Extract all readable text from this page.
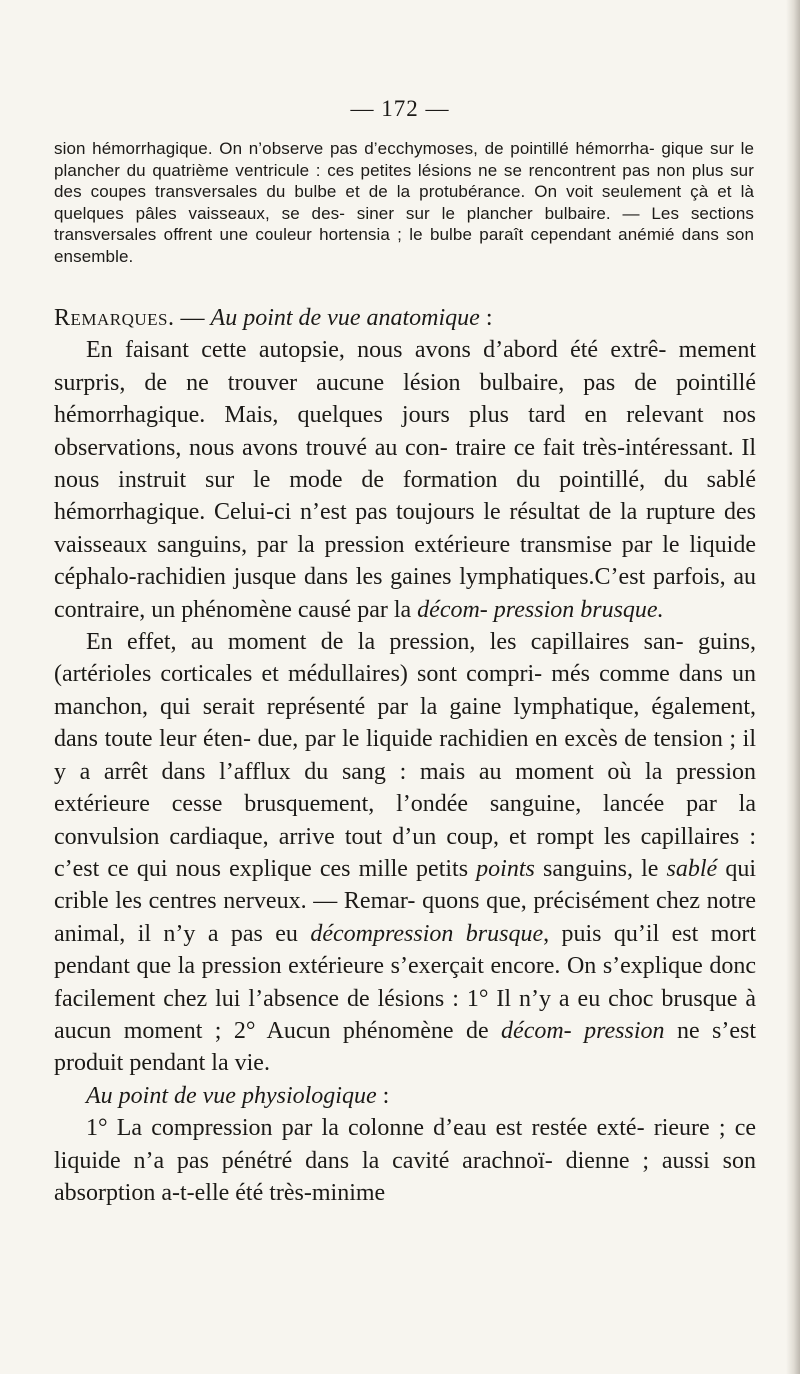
— 172 —

sion hémorrhagique. On n’observe pas d’ecchymoses, de pointillé hémorrha- gique sur le plancher du quatrième ventricule : ces petites lésions ne se rencontrent pas non plus sur des coupes transversales du bulbe et de la protubérance. On voit seulement çà et là quelques pâles vaisseaux, se des- siner sur le plancher bulbaire. — Les sections transversales offrent une couleur hortensia ; le bulbe paraît cependant anémié dans son ensemble.

Remarques. — Au point de vue anatomique :

En faisant cette autopsie, nous avons d’abord été extrê- mement surpris, de ne trouver aucune lésion bulbaire, pas de pointillé hémorrhagique. Mais, quelques jours plus tard en relevant nos observations, nous avons trouvé au con- traire ce fait très-intéressant. Il nous instruit sur le mode de formation du pointillé, du sablé hémorrhagique. Celui-ci n’est pas toujours le résultat de la rupture des vaisseaux sanguins, par la pression extérieure transmise par le liquide céphalo-rachidien jusque dans les gaines lymphatiques.C’est parfois, au contraire, un phénomène causé par la décom- pression brusque.

En effet, au moment de la pression, les capillaires san- guins, (artérioles corticales et médullaires) sont compri- més comme dans un manchon, qui serait représenté par la gaine lymphatique, également, dans toute leur éten- due, par le liquide rachidien en excès de tension ; il y a arrêt dans l’afflux du sang : mais au moment où la pression extérieure cesse brusquement, l’ondée sanguine, lancée par la convulsion cardiaque, arrive tout d’un coup, et rompt les capillaires : c’est ce qui nous explique ces mille petits points sanguins, le sablé qui crible les centres nerveux. — Remar- quons que, précisément chez notre animal, il n’y a pas eu décompression brusque, puis qu’il est mort pendant que la pression extérieure s’exerçait encore. On s’explique donc facilement chez lui l’absence de lésions : 1° Il n’y a eu choc brusque à aucun moment ; 2° Aucun phénomène de décom- pression ne s’est produit pendant la vie.

Au point de vue physiologique :

1° La compression par la colonne d’eau est restée exté- rieure ; ce liquide n’a pas pénétré dans la cavité arachnoï- dienne ; aussi son absorption a-t-elle été très-minime
